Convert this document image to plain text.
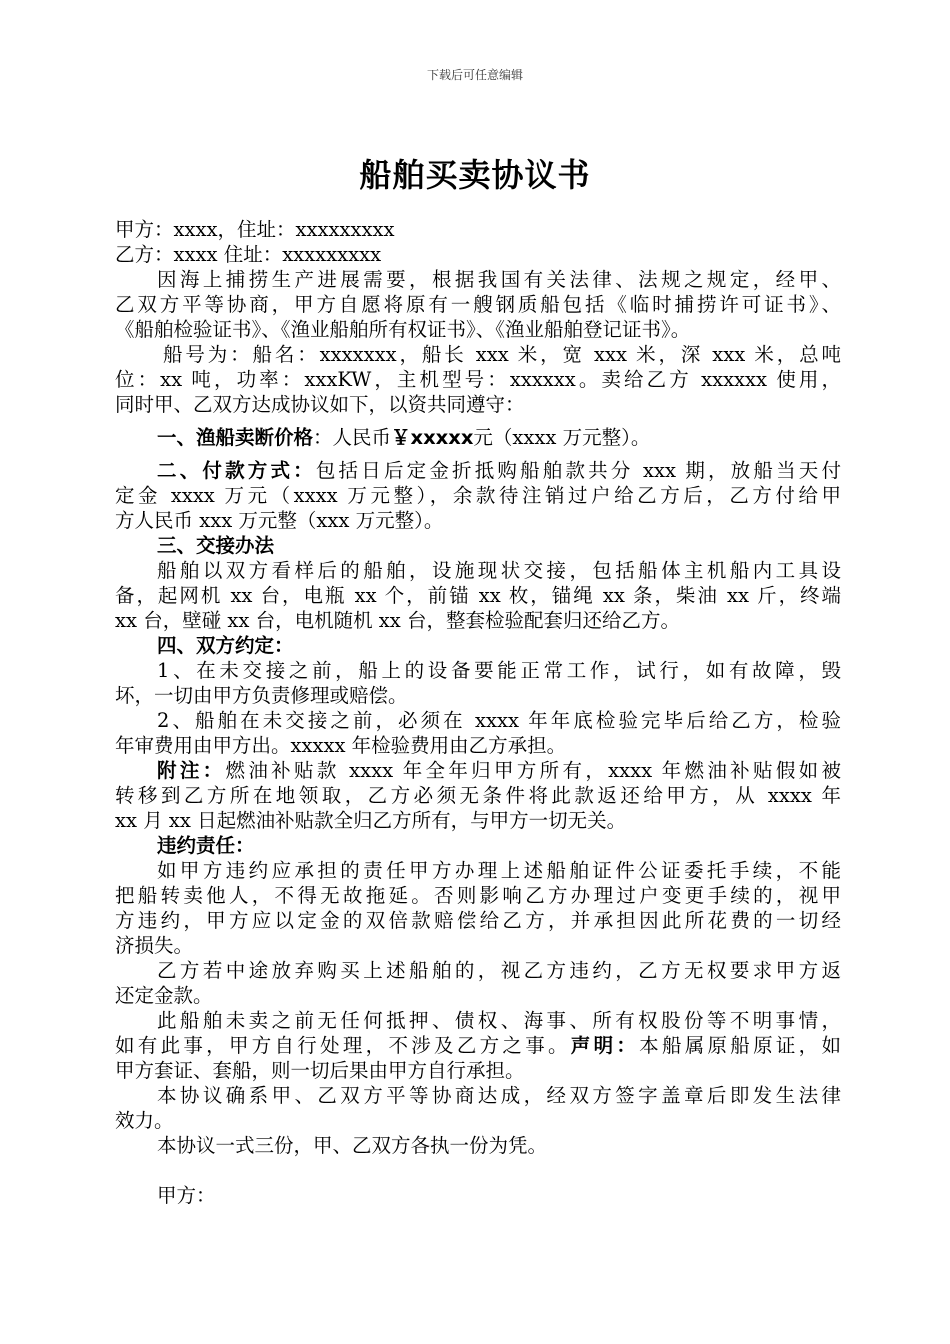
下载后可任意编辑
船舶买卖协议书
甲方：xxxx，住址：xxxxxxxxx
乙方：xxxx 住址：xxxxxxxxx
因海上捕捞生产进展需要，根据我国有关法律、法规之规定，经甲、
乙双方平等协商，甲方自愿将原有一艘钢质船包括《临时捕捞许可证书》、
《船舶检验证书》、《渔业船舶所有权证书》、《渔业船舶登记证书》。
船号为：船名：xxxxxxx，船长 xxx 米，宽 xxx 米，深 xxx 米，总吨
位：xx 吨，功率：xxxKW，主机型号：xxxxxx。卖给乙方 xxxxxx 使用，
同时甲、乙双方达成协议如下，以资共同遵守：
一、渔船卖断价格：人民币￥xxxxx元（xxxx 万元整）。
二、付款方式：包括日后定金折抵购船舶款共分 xxx 期，放船当天付
定金 xxxx 万元（xxxx 万元整），余款待注销过户给乙方后，乙方付给甲
方人民币 xxx 万元整（xxx 万元整）。
三、交接办法
船舶以双方看样后的船舶，设施现状交接，包括船体主机船内工具设
备，起网机 xx 台，电瓶 xx 个，前锚 xx 枚，锚绳 xx 条，柴油 xx 斤，终端
xx 台，壁碰 xx 台，电机随机 xx 台，整套检验配套归还给乙方。
四、双方约定：
1、在未交接之前，船上的设备要能正常工作，试行，如有故障，毁
坏，一切由甲方负责修理或赔偿。
2、船舶在未交接之前，必须在 xxxx 年年底检验完毕后给乙方，检验
年审费用由甲方出。xxxxx 年检验费用由乙方承担。
附注：燃油补贴款 xxxx 年全年归甲方所有，xxxx 年燃油补贴假如被
转移到乙方所在地领取，乙方必须无条件将此款返还给甲方，从 xxxx 年
xx 月 xx 日起燃油补贴款全归乙方所有，与甲方一切无关。
违约责任：
如甲方违约应承担的责任甲方办理上述船舶证件公证委托手续，不能
把船转卖他人，不得无故拖延。否则影响乙方办理过户变更手续的，视甲
方违约，甲方应以定金的双倍款赔偿给乙方，并承担因此所花费的一切经
济损失。
乙方若中途放弃购买上述船舶的，视乙方违约，乙方无权要求甲方返
还定金款。
此船舶未卖之前无任何抵押、债权、海事、所有权股份等不明事情，
如有此事，甲方自行处理，不涉及乙方之事。声明：本船属原船原证，如
甲方套证、套船，则一切后果由甲方自行承担。
本协议确系甲、乙双方平等协商达成，经双方签字盖章后即发生法律
效力。
本协议一式三份，甲、乙双方各执一份为凭。
甲方：
